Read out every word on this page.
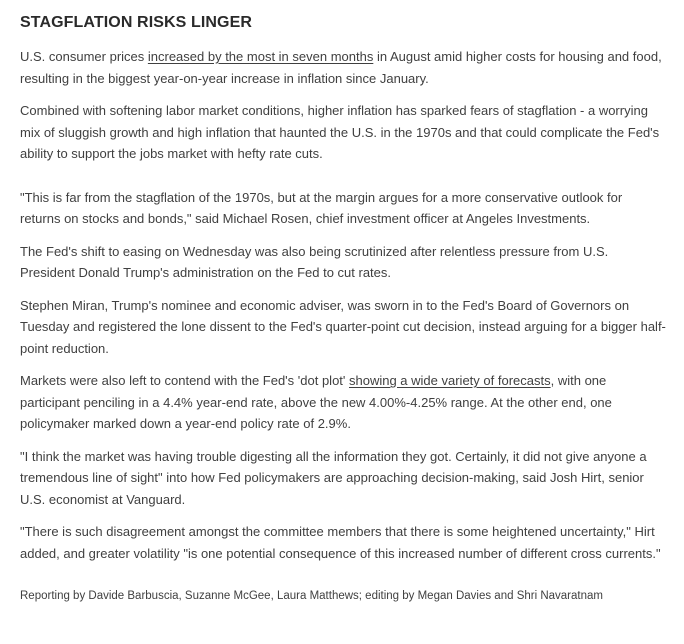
STAGFLATION RISKS LINGER

U.S. consumer prices increased by the most in seven months in August amid higher costs for housing and food, resulting in the biggest year-on-year increase in inflation since January.

Combined with softening labor market conditions, higher inflation has sparked fears of stagflation - a worrying mix of sluggish growth and high inflation that haunted the U.S. in the 1970s and that could complicate the Fed's ability to support the jobs market with hefty rate cuts.

"This is far from the stagflation of the 1970s, but at the margin argues for a more conservative outlook for returns on stocks and bonds," said Michael Rosen, chief investment officer at Angeles Investments.

The Fed's shift to easing on Wednesday was also being scrutinized after relentless pressure from U.S. President Donald Trump's administration on the Fed to cut rates.

Stephen Miran, Trump's nominee and economic adviser, was sworn in to the Fed's Board of Governors on Tuesday and registered the lone dissent to the Fed's quarter-point cut decision, instead arguing for a bigger half-point reduction.

Markets were also left to contend with the Fed's 'dot plot' showing a wide variety of forecasts, with one participant penciling in a 4.4% year-end rate, above the new 4.00%-4.25% range. At the other end, one policymaker marked down a year-end policy rate of 2.9%.

"I think the market was having trouble digesting all the information they got. Certainly, it did not give anyone a tremendous line of sight" into how Fed policymakers are approaching decision-making, said Josh Hirt, senior U.S. economist at Vanguard.

"There is such disagreement amongst the committee members that there is some heightened uncertainty," Hirt added, and greater volatility "is one potential consequence of this increased number of different cross currents."

Reporting by Davide Barbuscia, Suzanne McGee, Laura Matthews; editing by Megan Davies and Shri Navaratnam
